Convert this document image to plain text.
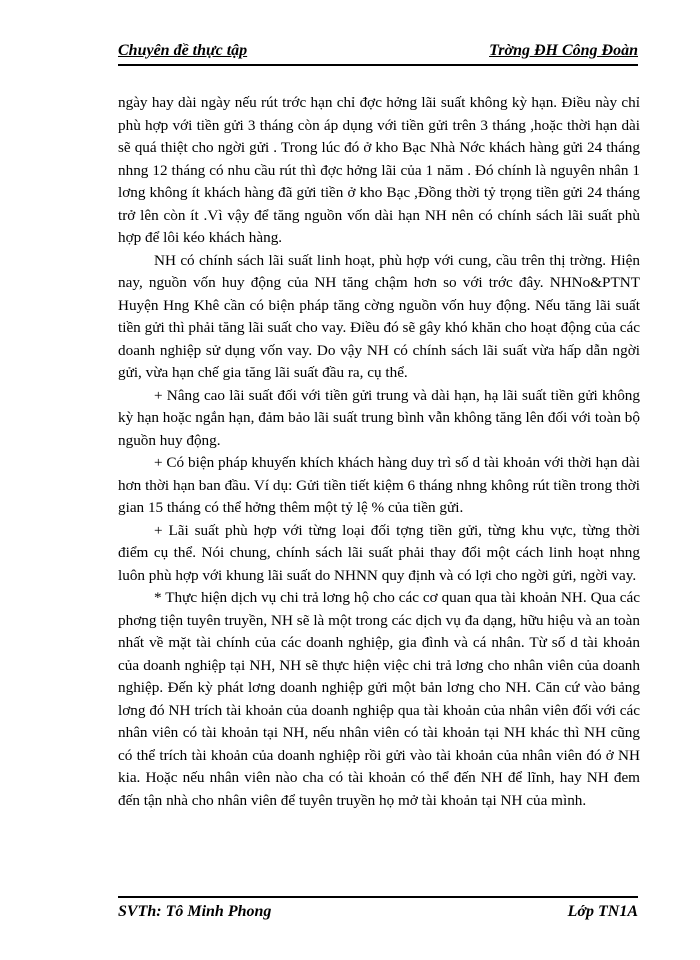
Chuyên đề thực tập	Trờng ĐH Công Đoàn

ngày hay dài ngày nếu rút trớc hạn chỉ đợc hởng lãi suất không kỳ hạn. Điều này chỉ phù hợp với tiền gửi 3 tháng còn áp dụng với tiền gửi trên 3 tháng ,hoặc thời hạn dài sẽ quá thiệt cho ngời gửi . Trong lúc đó ở kho Bạc Nhà Nớc khách hàng gửi 24 tháng nhng 12 tháng có nhu cầu rút thì đợc hởng lãi của 1 năm . Đó chính là nguyên nhân 1 lơng không ít khách hàng đã gửi tiền ở kho Bạc ,Đồng thời tỷ trọng tiền gửi 24 tháng trở lên còn ít .Vì vậy để tăng nguồn vốn dài hạn NH nên có chính sách lãi suất phù hợp để lôi kéo khách hàng.

NH có chính sách lãi suất linh hoạt, phù hợp với cung, cầu trên thị trờng. Hiện nay, nguồn vốn huy động của NH tăng chậm hơn so với trớc đây. NHNo&PTNT Huyện Hng Khê cần có biện pháp tăng cờng nguồn vốn huy động. Nếu tăng lãi suất tiền gửi thì phải tăng lãi suất cho vay. Điều đó sẽ gây khó khăn cho hoạt động của các doanh nghiệp sử dụng vốn vay. Do vậy NH có chính sách lãi suất vừa hấp dẫn ngời gửi, vừa hạn chế gia tăng lãi suất đầu ra, cụ thể.

+ Nâng cao lãi suất đối với tiền gửi trung và dài hạn, hạ lãi suất tiền gửi không kỳ hạn hoặc ngắn hạn, đảm bảo lãi suất trung bình vẫn không tăng lên đối với toàn bộ nguồn huy động.

+ Có biện pháp khuyến khích khách hàng duy trì số d tài khoản với thời hạn dài hơn thời hạn ban đầu. Ví dụ: Gửi tiền tiết kiệm 6 tháng nhng không rút tiền trong thời gian 15 tháng có thể hởng thêm một tỷ lệ % của tiền gửi.

+ Lãi suất phù hợp với từng loại đối tợng tiền gửi, từng khu vực, từng thời điểm cụ thể. Nói chung, chính sách lãi suất phải thay đổi một cách linh hoạt nhng luôn phù hợp với khung lãi suất do NHNN quy định và có lợi cho ngời gửi, ngời vay.

* Thực hiện dịch vụ chi trả lơng hộ cho các cơ quan qua tài khoản NH. Qua các phơng tiện tuyên truyền, NH sẽ là một trong các dịch vụ đa dạng, hữu hiệu và an toàn nhất về mặt tài chính của các doanh nghiệp, gia đình và cá nhân. Từ số d tài khoản của doanh nghiệp tại NH, NH sẽ thực hiện việc chi trả lơng cho nhân viên của doanh nghiệp. Đến kỳ phát lơng doanh nghiệp gửi một bản lơng cho NH. Căn cứ vào bảng lơng đó NH trích tài khoản của doanh nghiệp qua tài khoản của nhân viên đối với các nhân viên có tài khoản tại NH, nếu nhân viên có tài khoản tại NH khác thì NH cũng có thể trích tài khoản của doanh nghiệp rồi gửi vào tài khoản của nhân viên đó ở NH kia. Hoặc nếu nhân viên nào cha có tài khoản có thể đến NH để lĩnh, hay NH đem đến tận nhà cho nhân viên để tuyên truyền họ mở tài khoản tại NH của mình.

SVTh: Tô Minh Phong	Lớp TN1A
